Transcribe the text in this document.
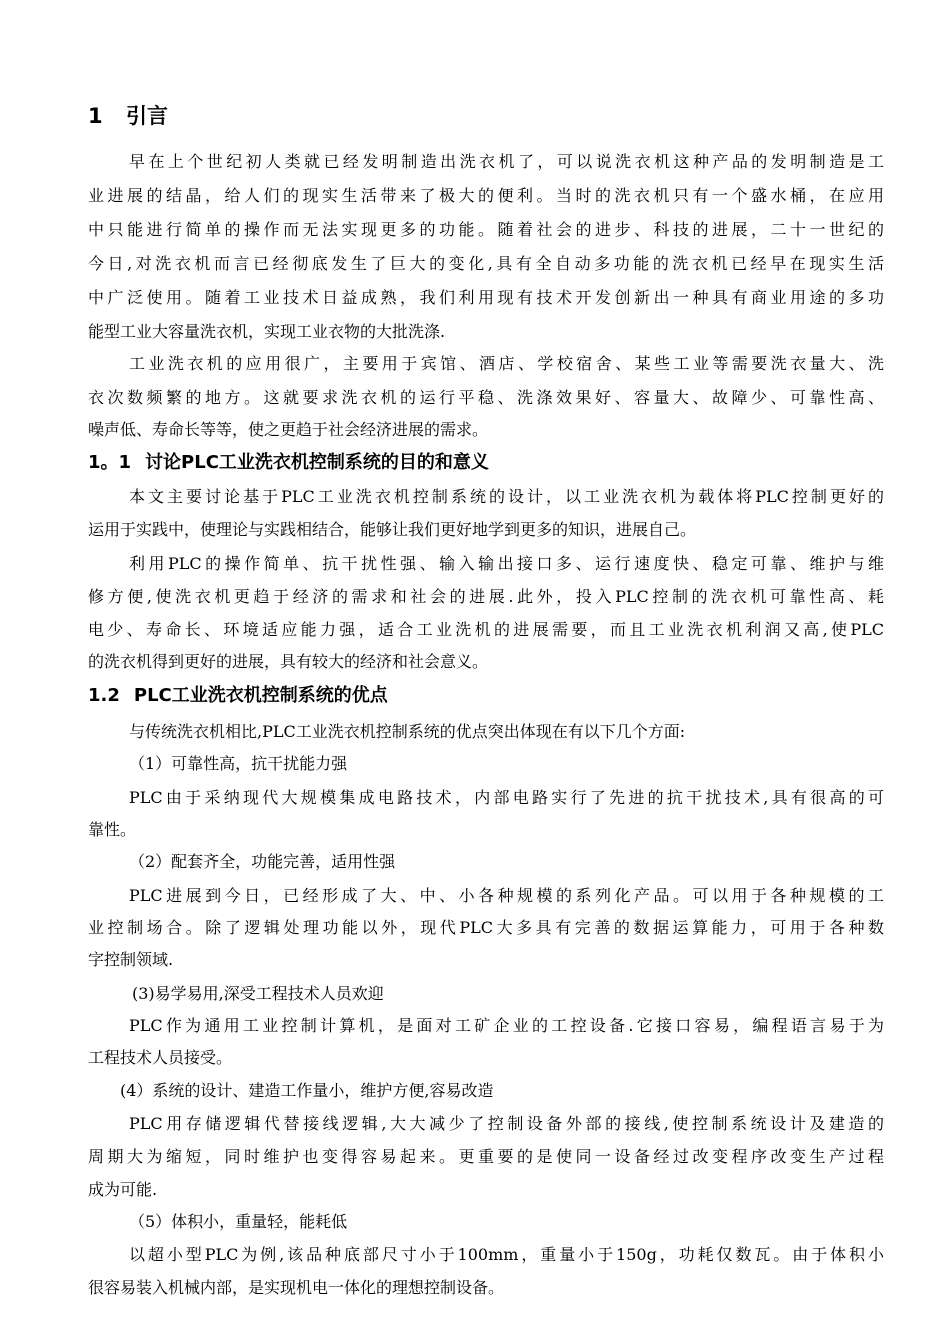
1 引言
早在上个世纪初人类就已经发明制造出洗衣机了，可以说洗衣机这种产品的发明制造是工
业进展的结晶，给人们的现实生活带来了极大的便利。当时的洗衣机只有一个盛水桶，在应用
中只能进行简单的操作而无法实现更多的功能。随着社会的进步、科技的进展，二十一世纪的
今日,对洗衣机而言已经彻底发生了巨大的变化,具有全自动多功能的洗衣机已经早在现实生活
中广泛使用。随着工业技术日益成熟，我们利用现有技术开发创新出一种具有商业用途的多功
能型工业大容量洗衣机，实现工业衣物的大批洗涤.
工业洗衣机的应用很广，主要用于宾馆、酒店、学校宿舍、某些工业等需要洗衣量大、洗
衣次数频繁的地方。这就要求洗衣机的运行平稳、洗涤效果好、容量大、故障少、可靠性高、
噪声低、寿命长等等，使之更趋于社会经济进展的需求。
1。1 讨论PLC工业洗衣机控制系统的目的和意义
本文主要讨论基于PLC工业洗衣机控制系统的设计，以工业洗衣机为载体将PLC控制更好的
运用于实践中，使理论与实践相结合，能够让我们更好地学到更多的知识，进展自己。
利用PLC的操作简单、抗干扰性强、输入输出接口多、运行速度快、稳定可靠、维护与维
修方便,使洗衣机更趋于经济的需求和社会的进展.此外，投入PLC控制的洗衣机可靠性高、耗
电少、寿命长、环境适应能力强，适合工业洗机的进展需要，而且工业洗衣机利润又高,使PLC
的洗衣机得到更好的进展，具有较大的经济和社会意义。
1.2 PLC工业洗衣机控制系统的优点
与传统洗衣机相比,PLC工业洗衣机控制系统的优点突出体现在有以下几个方面:
（1）可靠性高，抗干扰能力强
PLC由于采纳现代大规模集成电路技术，内部电路实行了先进的抗干扰技术,具有很高的可
靠性。
（2）配套齐全，功能完善，适用性强
PLC进展到今日，已经形成了大、中、小各种规模的系列化产品。可以用于各种规模的工
业控制场合。除了逻辑处理功能以外，现代PLC大多具有完善的数据运算能力，可用于各种数
字控制领域.
(3)易学易用,深受工程技术人员欢迎
PLC作为通用工业控制计算机，是面对工矿企业的工控设备.它接口容易，编程语言易于为
工程技术人员接受。
(4）系统的设计、建造工作量小，维护方便,容易改造
PLC用存储逻辑代替接线逻辑,大大减少了控制设备外部的接线,使控制系统设计及建造的
周期大为缩短，同时维护也变得容易起来。更重要的是使同一设备经过改变程序改变生产过程
成为可能.
（5）体积小，重量轻，能耗低
以超小型PLC为例,该品种底部尺寸小于100mm，重量小于150g，功耗仅数瓦。由于体积小
很容易装入机械内部，是实现机电一体化的理想控制设备。
